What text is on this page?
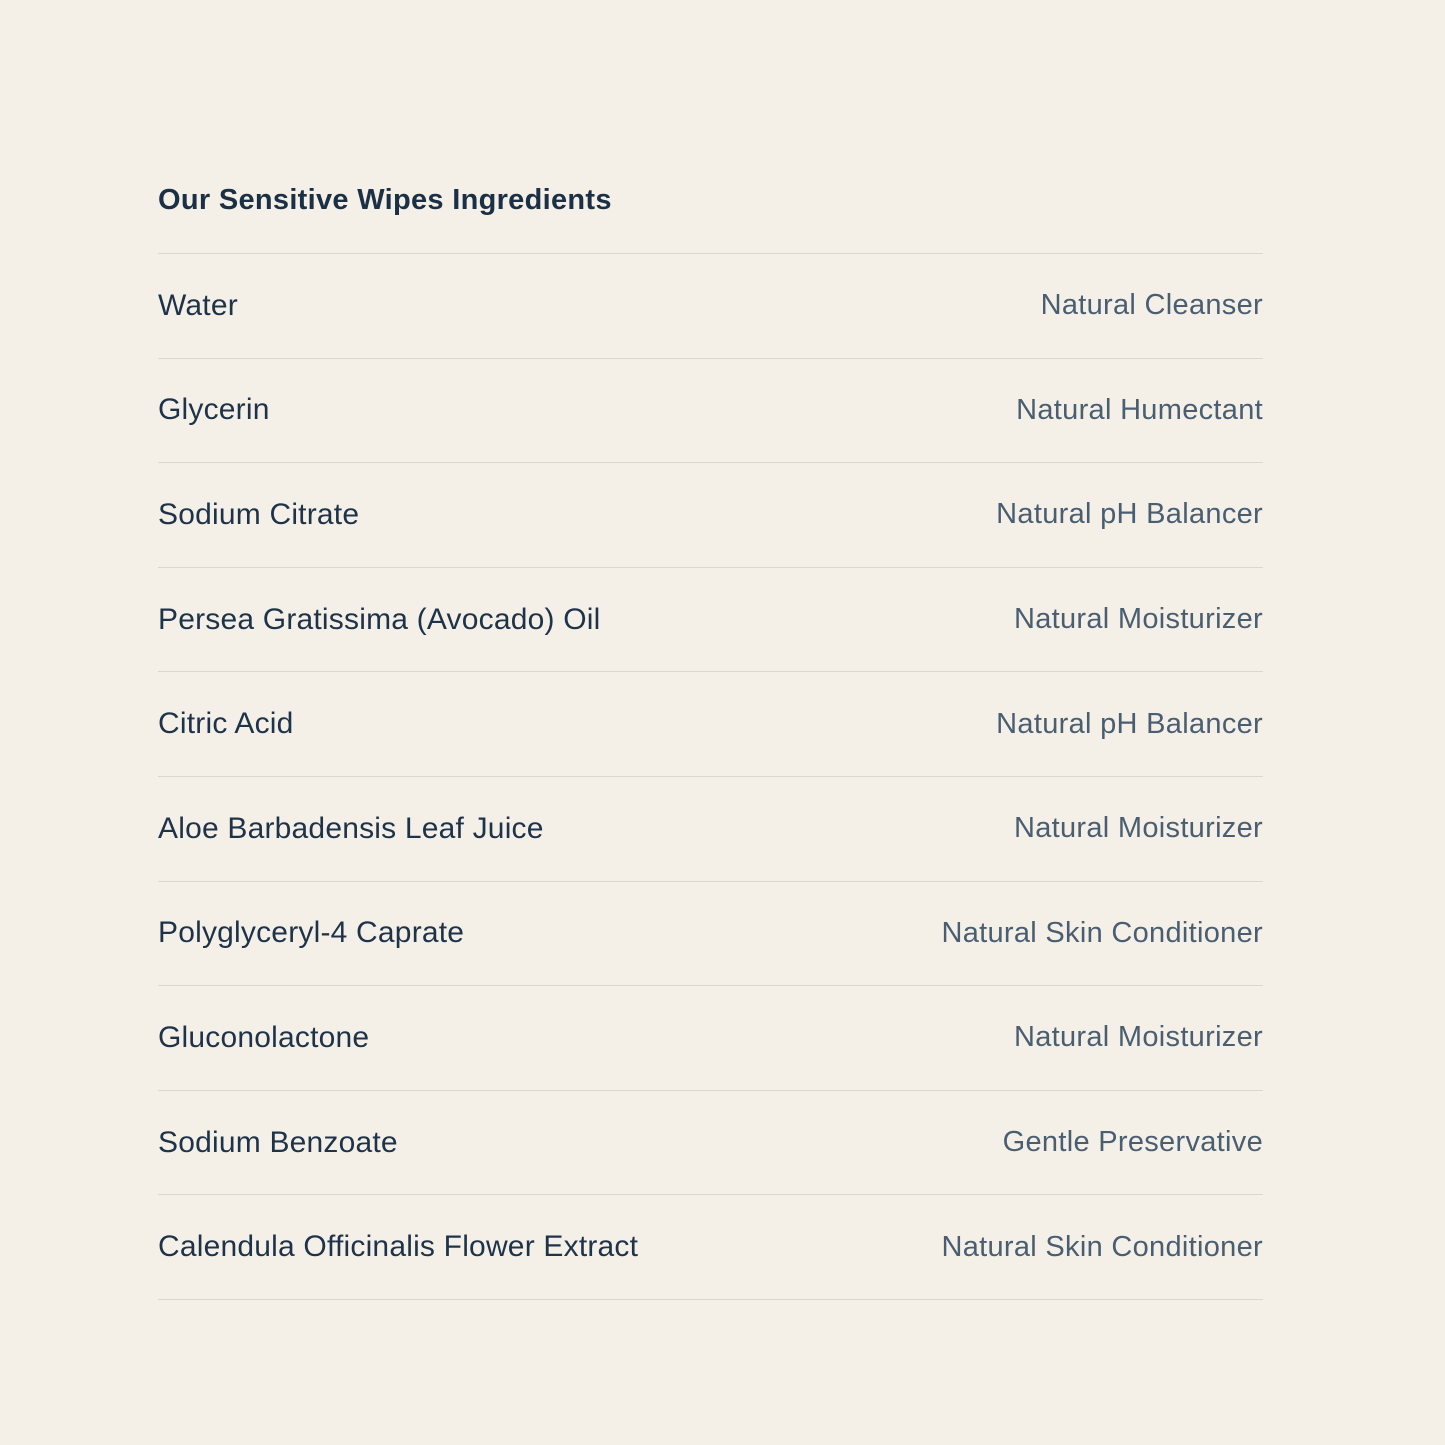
Our Sensitive Wipes Ingredients
Water	Natural Cleanser
Glycerin	Natural Humectant
Sodium Citrate	Natural pH Balancer
Persea Gratissima (Avocado) Oil	Natural Moisturizer
Citric Acid	Natural pH Balancer
Aloe Barbadensis Leaf Juice	Natural Moisturizer
Polyglyceryl-4 Caprate	Natural Skin Conditioner
Gluconolactone	Natural Moisturizer
Sodium Benzoate	Gentle Preservative
Calendula Officinalis Flower Extract	Natural Skin Conditioner
